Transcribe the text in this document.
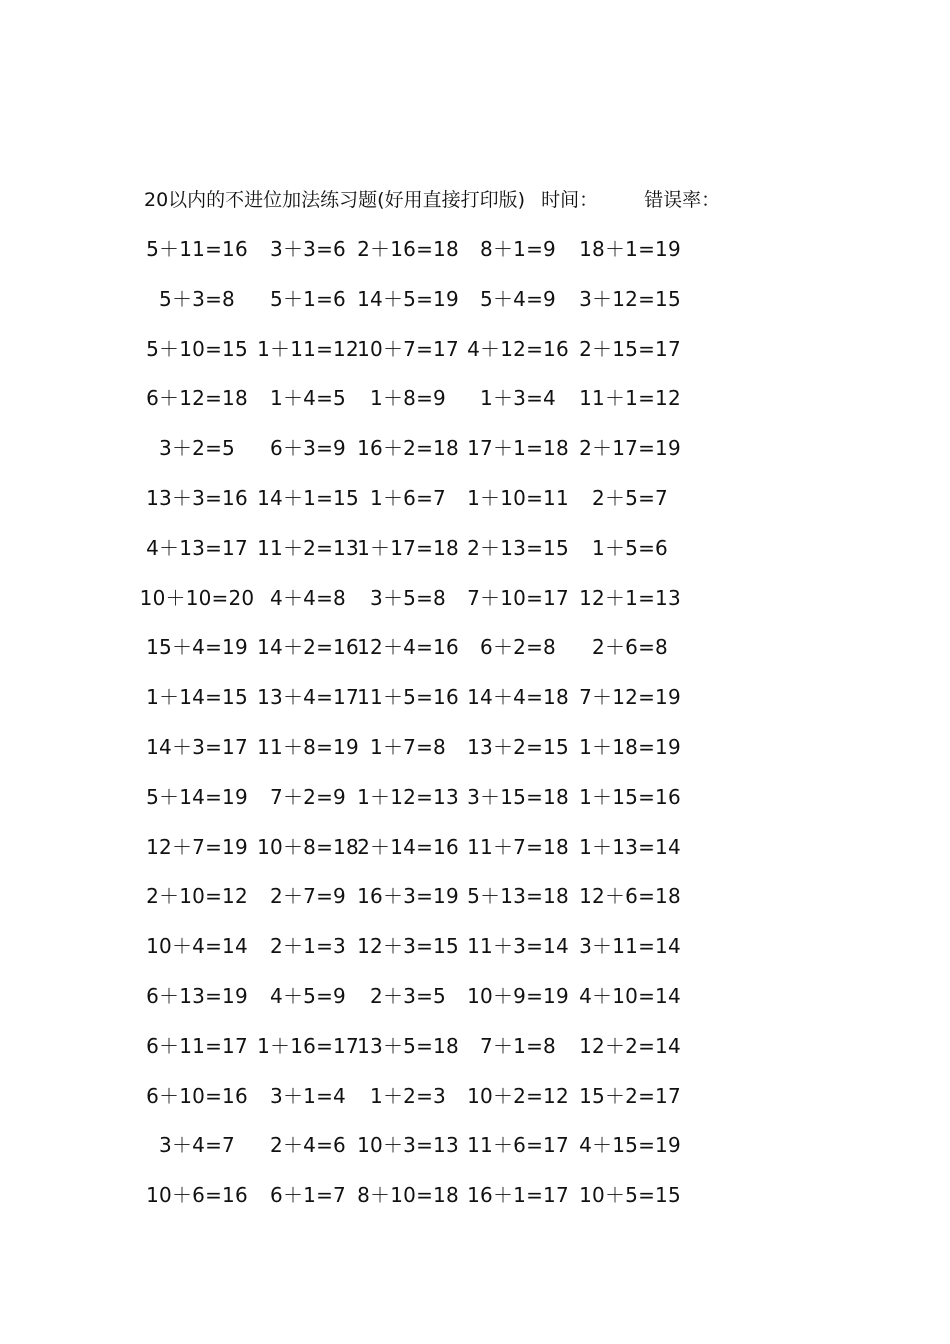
20以内的不进位加法练习题(好用直接打印版) 时间： 错误率：
5＋11=16 3＋3=6 2＋16=18 8＋1=9 18＋1=19
5＋3=8 5＋1=6 14＋5=19 5＋4=9 3＋12=15
5＋10=15 1＋11=12
10＋7=17 4＋12=16 2＋15=17
6＋12=18 1＋4=5 1＋8=9 1＋3=4 11＋1=12
3＋2=5 6＋3=9 16＋2=18 17＋1=18 2＋17=19
13＋3=16 14＋1=15 1＋6=7 1＋10=11 2＋5=7
4＋13=17 11＋2=13
1＋17=18 2＋13=15 1＋5=6
10＋10=20 4＋4=8 3＋5=8 7＋10=17 12＋1=13
15＋4=19 14＋2=16
12＋4=16 6＋2=8 2＋6=8
1＋14=15 13＋4=17
11＋5=16 14＋4=18 7＋12=19
14＋3=17 11＋8=19 1＋7=8 13＋2=15 1＋18=19
5＋14=19 7＋2=9 1＋12=13 3＋15=18 1＋15=16
12＋7=19 10＋8=18
2＋14=16 11＋7=18 1＋13=14
2＋10=12 2＋7=9 16＋3=19 5＋13=18 12＋6=18
10＋4=14 2＋1=3 12＋3=15 11＋3=14 3＋11=14
6＋13=19 4＋5=9 2＋3=5 10＋9=19 4＋10=14
6＋11=17 1＋16=17
13＋5=18 7＋1=8 12＋2=14
6＋10=16 3＋1=4 1＋2=3 10＋2=12 15＋2=17
3＋4=7 2＋4=6 10＋3=13 11＋6=17 4＋15=19
10＋6=16 6＋1=7 8＋10=18 16＋1=17 10＋5=15
